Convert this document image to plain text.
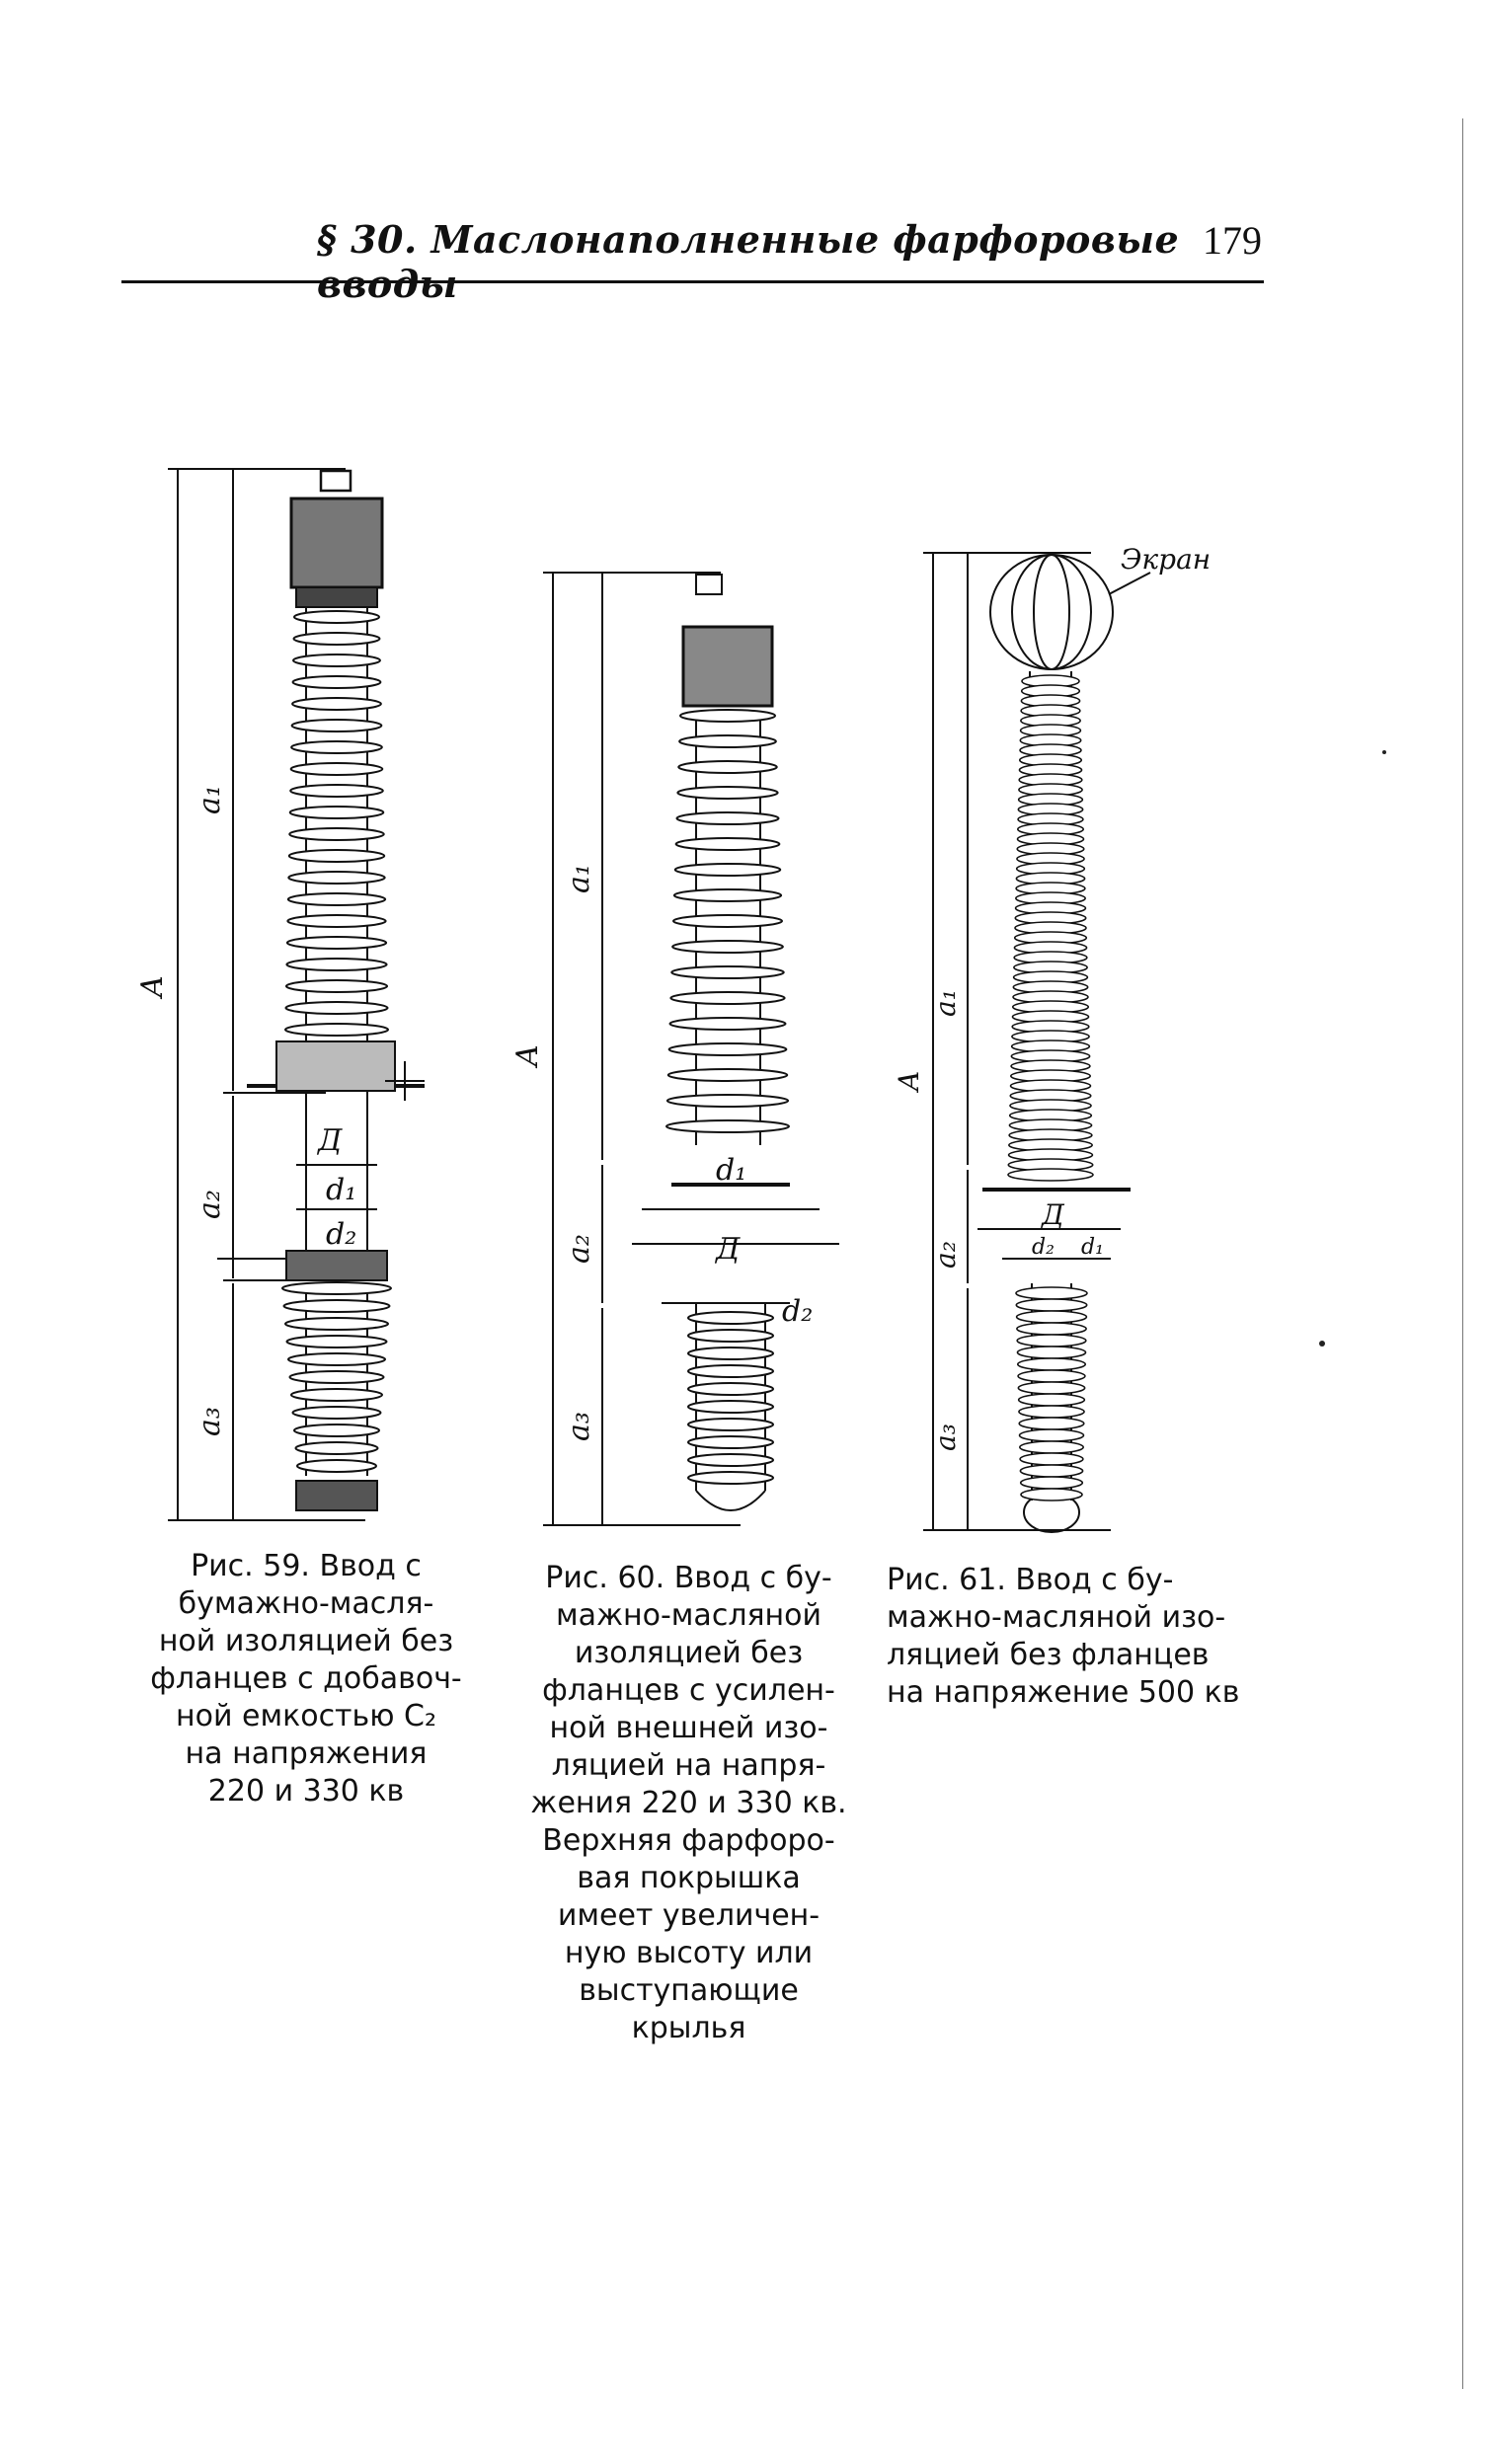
§ 30. Маслонаполненные фарфоровые вводы
179
A
a₁
a₂
a₃
Д
d₁
d₂
A
a₁
a₂
a₃
Д
d₁
d₂
Экран
A
a₁
a₂
a₃
Д
d₂ d₁
Рис. 59. Ввод с
бумажно-масля-
ной изоляцией без
фланцев с добавоч-
ной емкостью C₂
на напряжения
220 и 330 кв
Рис. 60. Ввод с бу-
мажно-масляной
изоляцией без
фланцев с усилен-
ной внешней изо-
ляцией на напря-
жения 220 и 330 кв.
Верхняя фарфоро-
вая покрышка
имеет увеличен-
ную высоту или
выступающие
крылья
Рис. 61. Ввод с бу-
мажно-масляной изо-
ляцией без фланцев
на напряжение 500 кв
